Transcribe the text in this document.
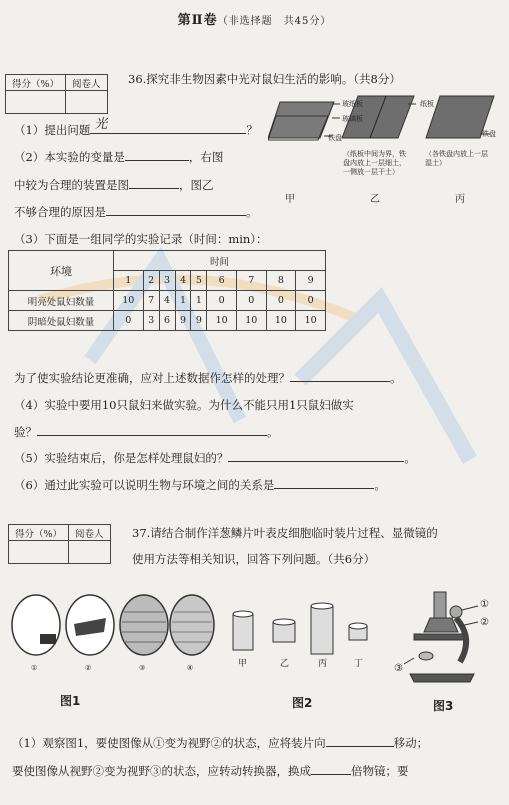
第Ⅱ卷（非选择题　共45分）
得分（%）	阅卷人
	36.探究非生物因素中光对鼠妇生活的影响。（共8分）
玻纸板
玻璃板
铁盘
纸板
铁盘
（纸板中间为界，铁盘内放上一层细土，一侧放一层干土）
（各铁盘内放上一层湿土）
甲	乙	丙
（1）提出问题 光	？
（2）本实验的变量是	，右图
中较为合理的装置是图	，图乙
不够合理的原因是	。
（3）下面是一组同学的实验记录（时间：min）：
环境	时间								
	1	2	3	4	5	6	7	8	9
明亮处鼠妇数量	10	7	4	1	1	0	0	0	0
阴暗处鼠妇数量	0	3	6	9	9	10	10	10	10
为了使实验结论更准确，应对上述数据作怎样的处理？	。
（4）实验中要用10只鼠妇来做实验。为什么不能只用1只鼠妇做实
验？	。
（5）实验结束后，你是怎样处理鼠妇的？	。
（6）通过此实验可以说明生物与环境之间的关系是	。
得分（%）	阅卷人
	37.请结合制作洋葱鳞片叶表皮细胞临时装片过程、显微镜的
使用方法等相关知识，回答下列问题。（共6分）
①	②	③	④	甲	乙	丙	丁
①
②
③
图1	图2	图3
（1）观察图1，要使图像从①变为视野②的状态，应将装片向	移动；
要使图像从视野②变为视野③的状态，应转动转换器，换成	倍物镜；要
